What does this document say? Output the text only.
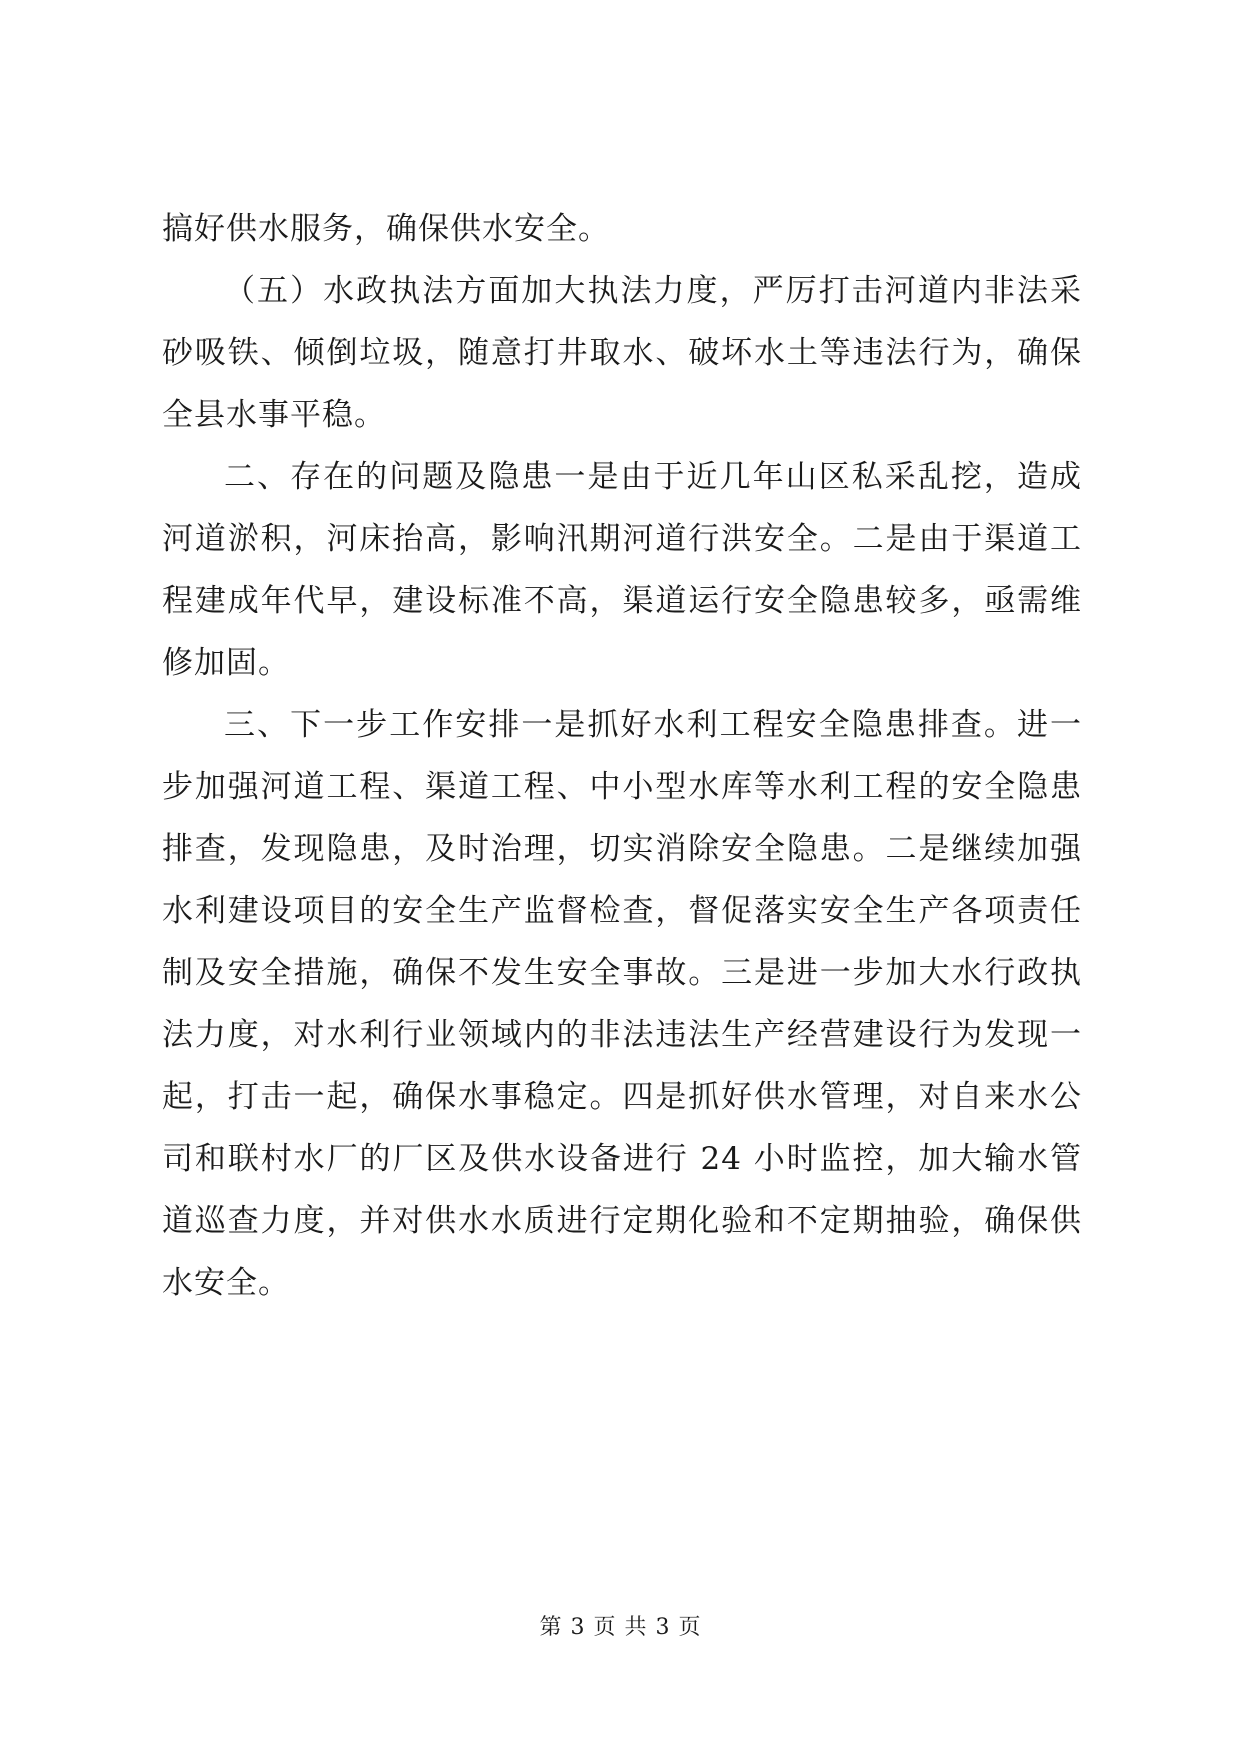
搞好供水服务，确保供水安全。
（五）水政执法方面加大执法力度，严厉打击河道内非法采
砂吸铁、倾倒垃圾，随意打井取水、破坏水土等违法行为，确保
全县水事平稳。
二、存在的问题及隐患一是由于近几年山区私采乱挖，造成
河道淤积，河床抬高，影响汛期河道行洪安全。二是由于渠道工
程建成年代早，建设标准不高，渠道运行安全隐患较多，亟需维
修加固。
三、下一步工作安排一是抓好水利工程安全隐患排查。进一
步加强河道工程、渠道工程、中小型水库等水利工程的安全隐患
排查，发现隐患，及时治理，切实消除安全隐患。二是继续加强
水利建设项目的安全生产监督检查，督促落实安全生产各项责任
制及安全措施，确保不发生安全事故。三是进一步加大水行政执
法力度，对水利行业领域内的非法违法生产经营建设行为发现一
起，打击一起，确保水事稳定。四是抓好供水管理，对自来水公
司和联村水厂的厂区及供水设备进行 24 小时监控，加大输水管
道巡查力度，并对供水水质进行定期化验和不定期抽验，确保供
水安全。
第 3 页 共 3 页
